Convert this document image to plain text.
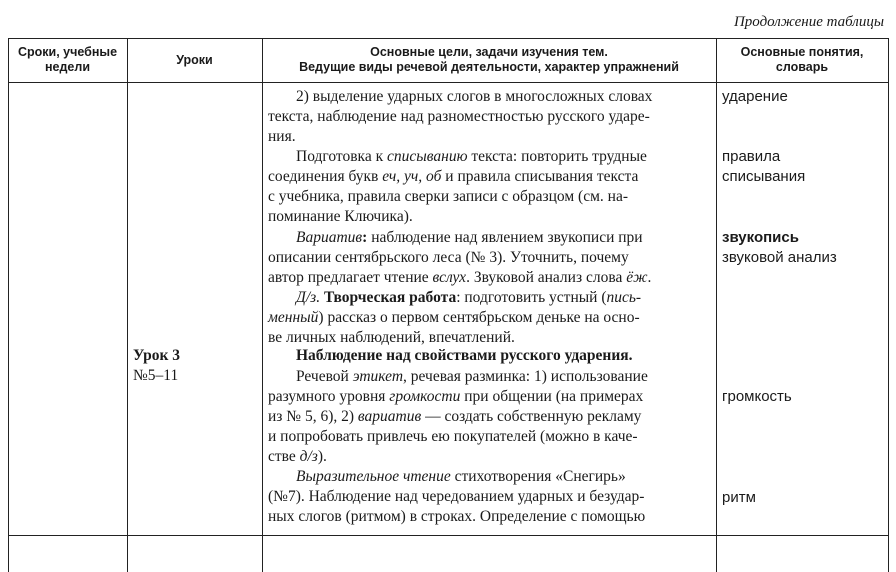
Продолжение таблицы
Сроки, учебные недели
Уроки
Основные цели, задачи изучения тем.
Ведущие виды речевой деятельности, характер упражнений
Основные понятия,
словарь
Урок 3
№5–11
2) выделение ударных слогов в многосложных словах
текста, наблюдение над разноместностью русского ударе-
ния.
Подготовка к списыванию текста: повторить трудные
соединения букв еч, уч, об и правила списывания текста
с учебника, правила сверки записи с образцом (см. на-
поминание Ключика).
Вариатив: наблюдение над явлением звукописи при
описании сентябрьского леса (№ 3). Уточнить, почему
автор предлагает чтение вслух. Звуковой анализ слова ёж.
Д/з. Творческая работа: подготовить устный (пись-
менный) рассказ о первом сентябрьском деньке на осно-
ве личных наблюдений, впечатлений.
Наблюдение над свойствами русского ударения.
Речевой этикет, речевая разминка: 1) использование
разумного уровня громкости при общении (на примерах
из № 5, 6), 2) вариатив — создать собственную рекламу
и попробовать привлечь ею покупателей (можно в каче-
стве д/з).
Выразительное чтение стихотворения «Снегирь»
(№7). Наблюдение над чередованием ударных и безудар-
ных слогов (ритмом) в строках. Определение с помощью
ударение
правила
списывания
звукопись
звуковой анализ
громкость
ритм
